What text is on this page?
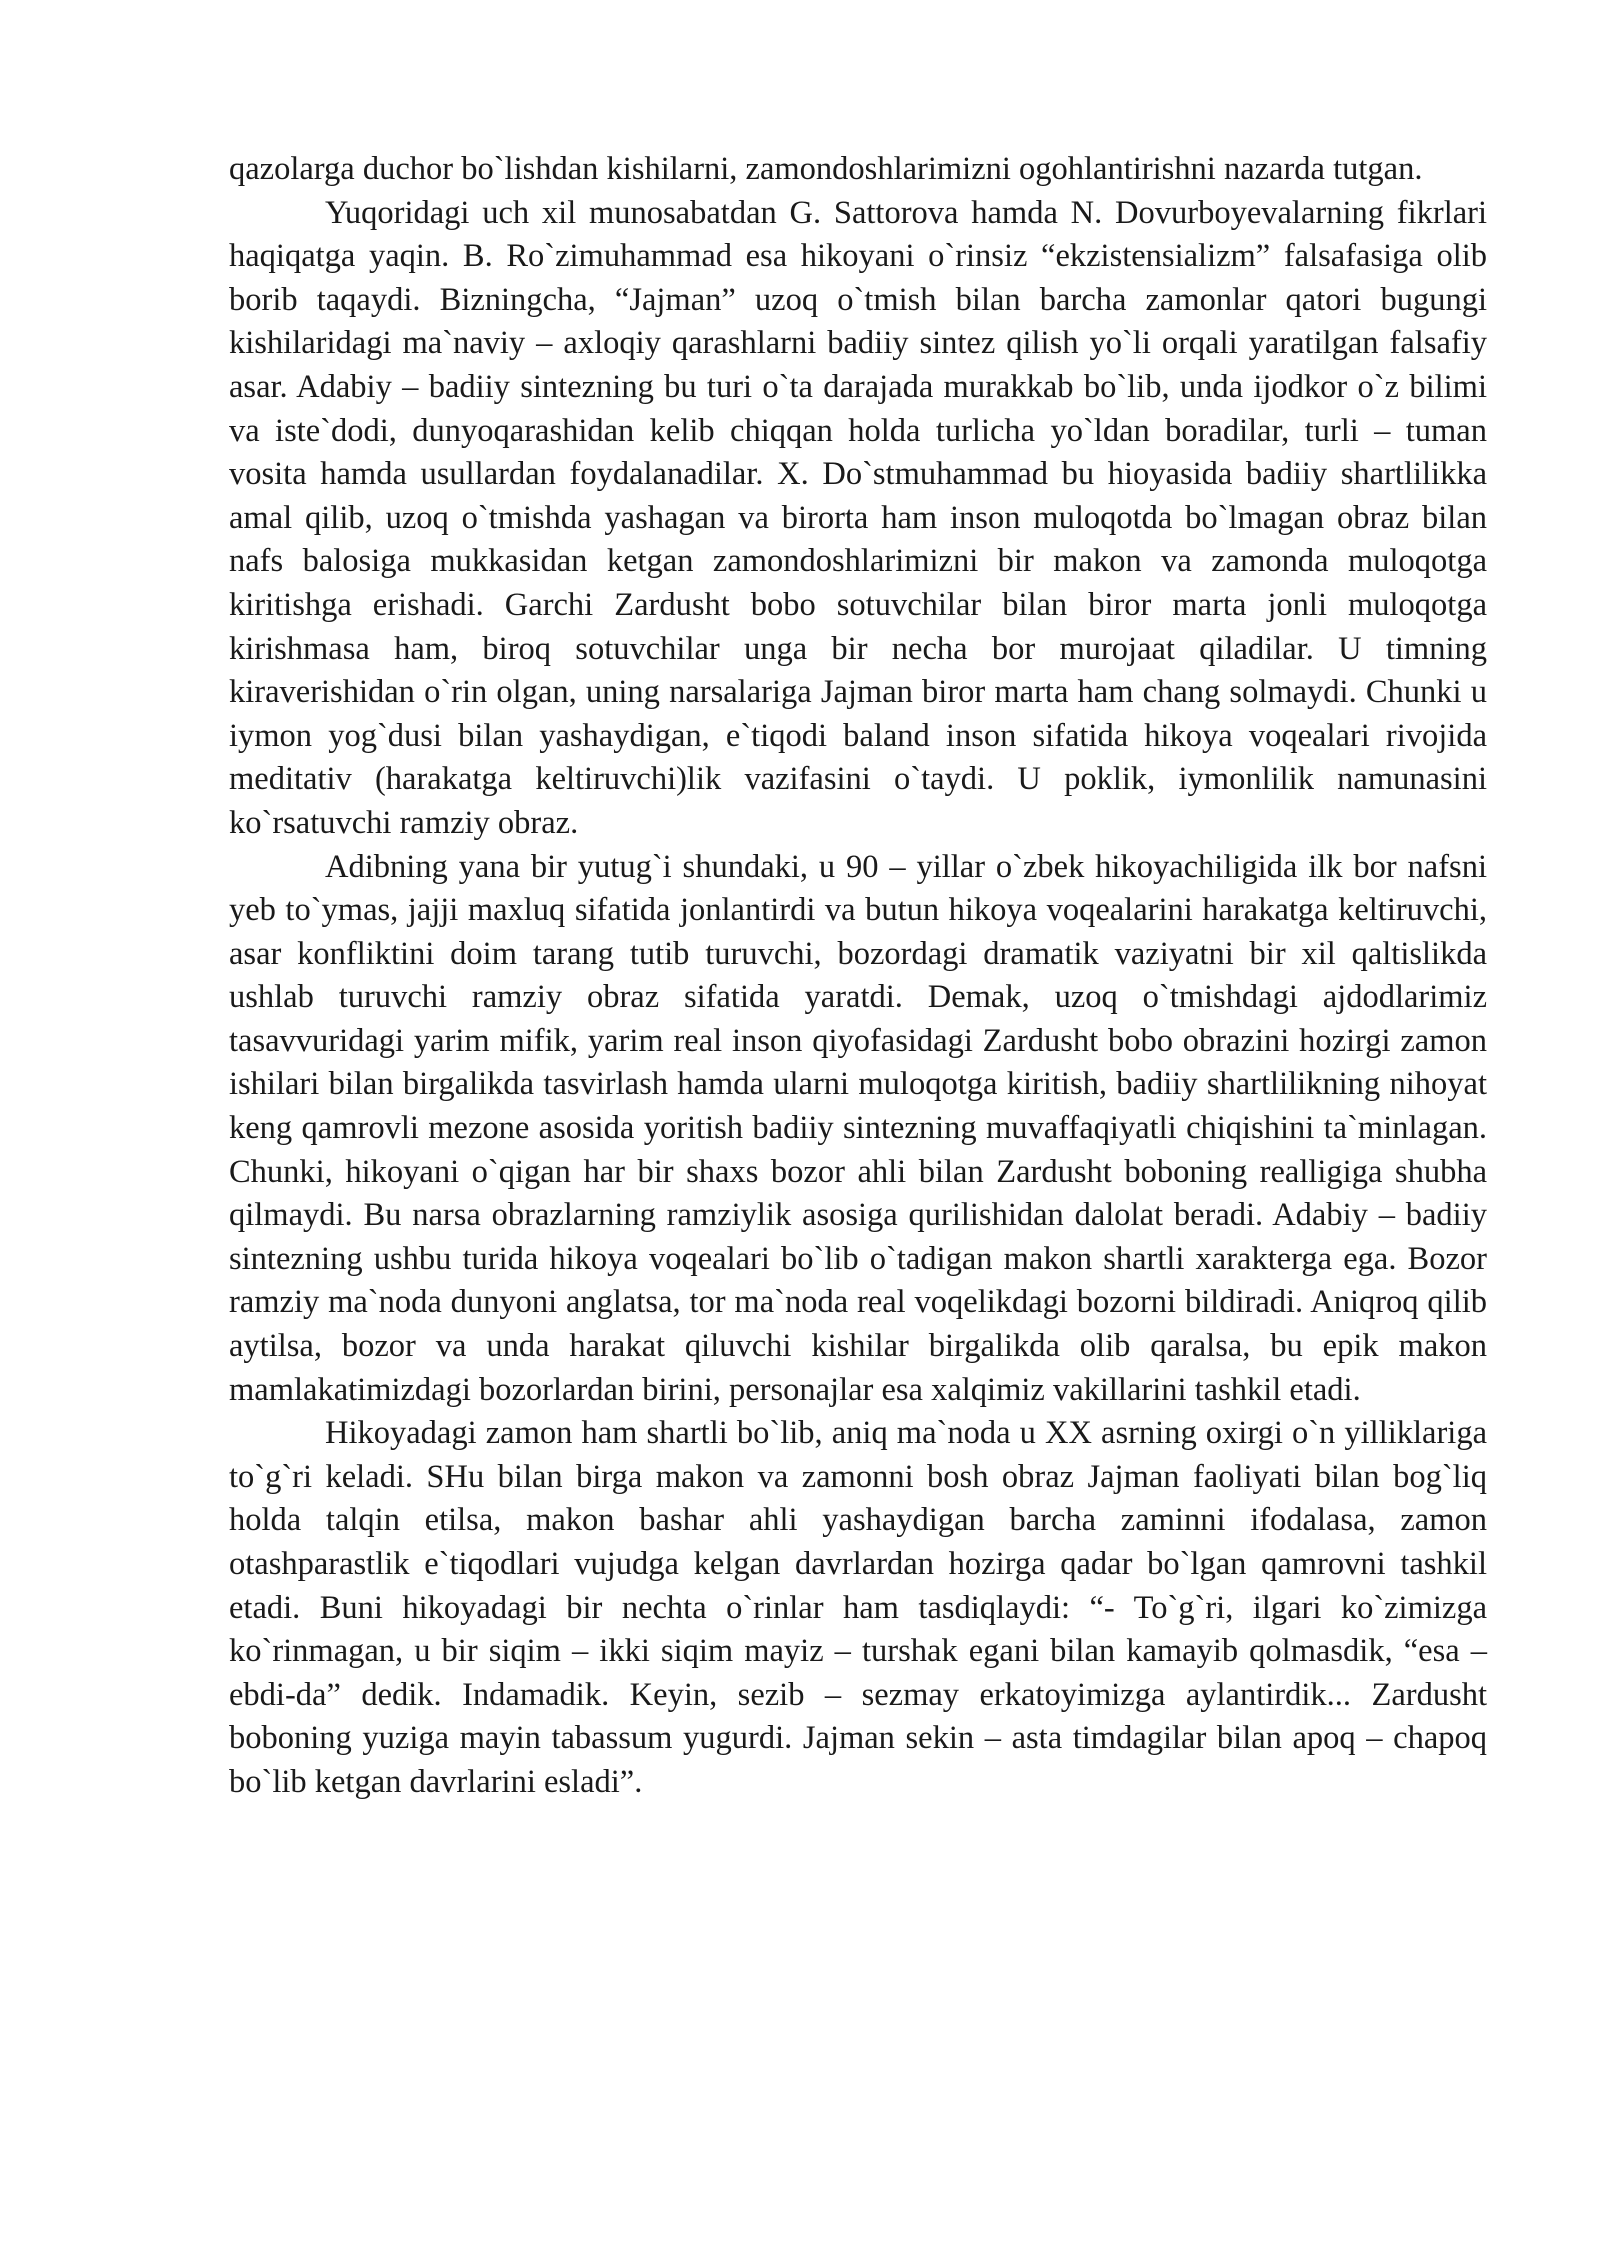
qazolarga duchor bo`lishdan kishilarni, zamondoshlarimizni ogohlantirishni nazarda tutgan.

Yuqoridagi uch xil munosabatdan G. Sattorova hamda N. Dovurboyevalarning fikrlari haqiqatga yaqin. B. Ro`zimuhammad esa hikoyani o`rinsiz “ekzistensializm” falsafasiga olib borib taqaydi. Bizningcha, “Jajman” uzoq o`tmish bilan barcha zamonlar qatori bugungi kishilaridagi ma`naviy – axloqiy qarashlarni badiiy sintez qilish yo`li orqali yaratilgan falsafiy asar. Adabiy – badiiy sintezning bu turi o`ta darajada murakkab bo`lib, unda ijodkor o`z bilimi va iste`dodi, dunyoqarashidan kelib chiqqan holda turlicha yo`ldan boradilar, turli – tuman vosita hamda usullardan foydalanadilar. X. Do`stmuhammad bu hioyasida badiiy shartlilikka amal qilib, uzoq o`tmishda yashagan va birorta ham inson muloqotda bo`lmagan obraz bilan nafs balosiga mukkasidan ketgan zamondoshlarimizni bir makon va zamonda muloqotga kiritishga erishadi. Garchi Zardusht bobo sotuvchilar bilan biror marta jonli muloqotga kirishmasa ham, biroq sotuvchilar unga bir necha bor murojaat qiladilar. U timning kiraverishidan o`rin olgan, uning narsalariga Jajman biror marta ham chang solmaydi. Chunki u iymon yog`dusi bilan yashaydigan, e`tiqodi baland inson sifatida hikoya voqealari rivojida meditativ (harakatga keltiruvchi)lik vazifasini o`taydi. U poklik, iymonlilik namunasini ko`rsatuvchi ramziy obraz.

Adibning yana bir yutug`i shundaki, u 90 – yillar o`zbek hikoyachiligida ilk bor nafsni yeb to`ymas, jajji maxluq sifatida jonlantirdi va butun hikoya voqealarini harakatga keltiruvchi, asar konfliktini doim tarang tutib turuvchi, bozordagi dramatik vaziyatni bir xil qaltislikda ushlab turuvchi ramziy obraz sifatida yaratdi. Demak, uzoq o`tmishdagi ajdodlarimiz tasavvuridagi yarim mifik, yarim real inson qiyofasidagi Zardusht bobo obrazini hozirgi zamon ishilari bilan birgalikda tasvirlash hamda ularni muloqotga kiritish, badiiy shartlilikning nihoyat keng qamrovli mezone asosida yoritish badiiy sintezning muvaffaqiyatli chiqishini ta`minlagan. Chunki, hikoyani o`qigan har bir shaxs bozor ahli bilan Zardusht boboning realligiga shubha qilmaydi. Bu narsa obrazlarning ramziylik asosiga qurilishidan dalolat beradi. Adabiy – badiiy sintezning ushbu turida hikoya voqealari bo`lib o`tadigan makon shartli xarakterga ega. Bozor ramziy ma`noda dunyoni anglatsa, tor ma`noda real voqelikdagi bozorni bildiradi. Aniqroq qilib aytilsa, bozor va unda harakat qiluvchi kishilar birgalikda olib qaralsa, bu epik makon mamlakatimizdagi bozorlardan birini, personajlar esa xalqimiz vakillarini tashkil etadi.

Hikoyadagi zamon ham shartli bo`lib, aniq ma`noda u XX asrning oxirgi o`n yilliklariga to`g`ri keladi. SHu bilan birga makon va zamonni bosh obraz Jajman faoliyati bilan bog`liq holda talqin etilsa, makon bashar ahli yashaydigan barcha zaminni ifodalasa, zamon otashparastlik e`tiqodlari vujudga kelgan davrlardan hozirga qadar bo`lgan qamrovni tashkil etadi. Buni hikoyadagi bir nechta o`rinlar ham tasdiqlaydi: “- To`g`ri, ilgari ko`zimizga ko`rinmagan, u bir siqim – ikki siqim mayiz – turshak egani bilan kamayib qolmasdik, “esa – ebdi-da” dedik. Indamadik. Keyin, sezib – sezmay erkatoyimizga aylantirdik... Zardusht boboning yuziga mayin tabassum yugurdi. Jajman sekin – asta timdagilar bilan apoq – chapoq bo`lib ketgan davrlarini esladi”.
